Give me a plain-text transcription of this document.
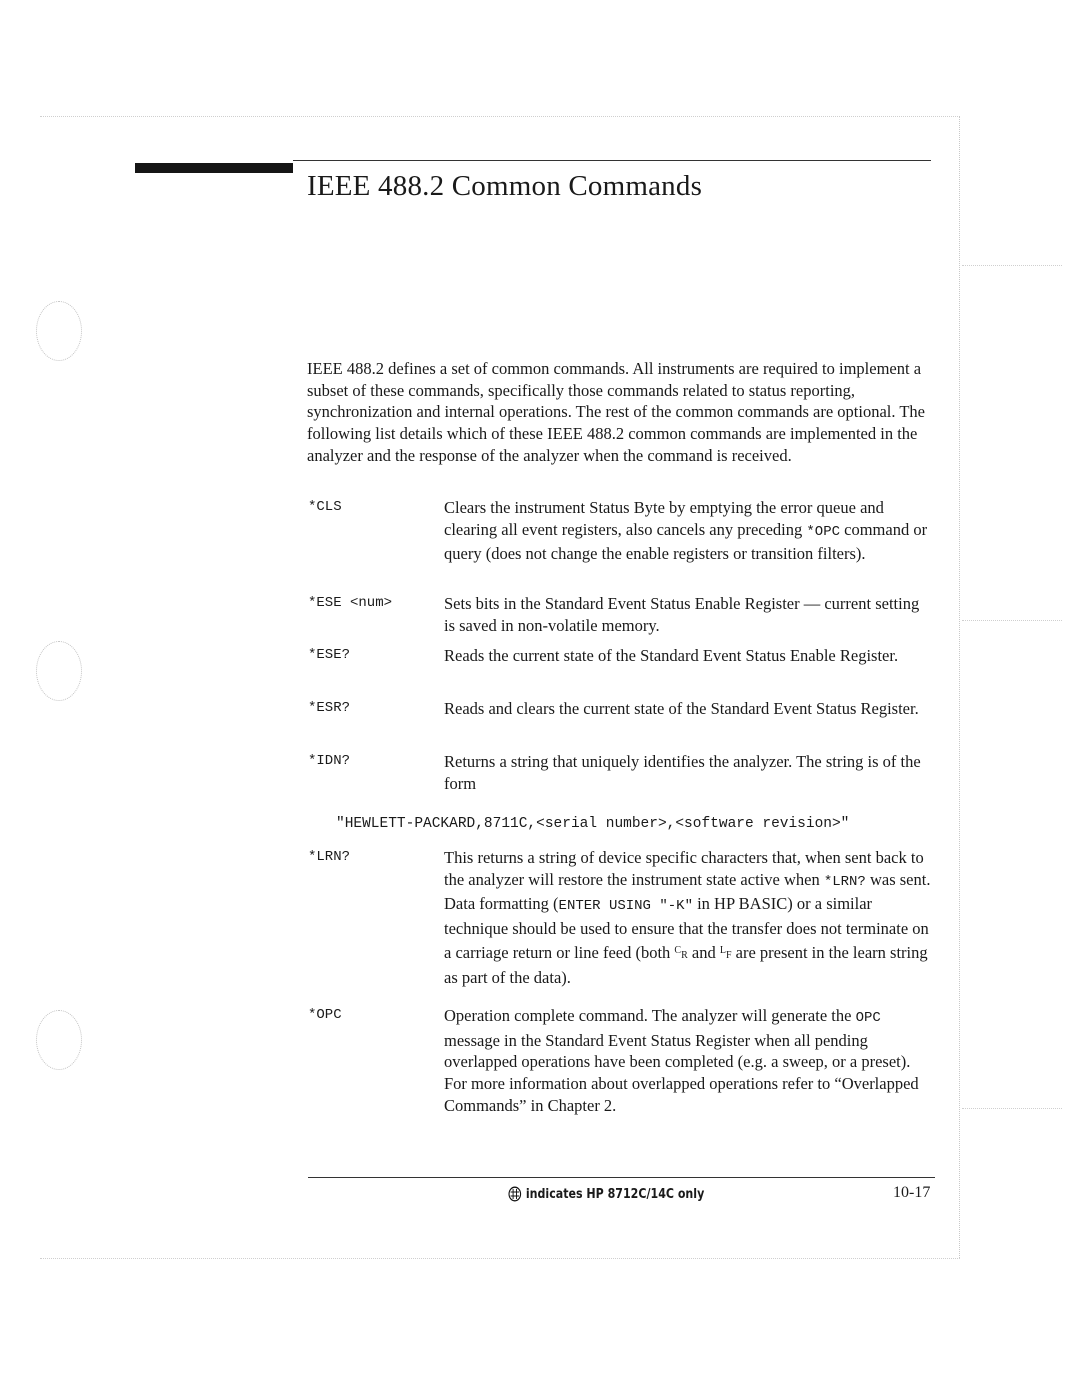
IEEE 488.2 Common Commands

IEEE 488.2 defines a set of common commands. All instruments are required to implement a subset of these commands, specifically those commands related to status reporting, synchronization and internal operations. The rest of the common commands are optional. The following list details which of these IEEE 488.2 common commands are implemented in the analyzer and the response of the analyzer when the command is received.

*CLS	Clears the instrument Status Byte by emptying the error queue and clearing all event registers, also cancels any preceding *OPC command or query (does not change the enable registers or transition filters).

*ESE <num>	Sets bits in the Standard Event Status Enable Register — current setting is saved in non-volatile memory.

*ESE?	Reads the current state of the Standard Event Status Enable Register.

*ESR?	Reads and clears the current state of the Standard Event Status Register.

*IDN?	Returns a string that uniquely identifies the analyzer. The string is of the form

"HEWLETT-PACKARD,8711C,<serial number>,<software revision>"
*LRN?	This returns a string of device specific characters that, when sent back to the analyzer will restore the instrument state active when *LRN? was sent. Data formatting (ENTER USING "-K" in HP BASIC) or a similar technique should be used to ensure that the transfer does not terminate on a carriage return or line feed (both $^C$R and $^L$F are present in the learn string as part of the data).

*OPC	Operation complete command. The analyzer will generate the OPC message in the Standard Event Status Register when all pending overlapped operations have been completed (e.g. a sweep, or a preset). For more information about overlapped operations refer to “Overlapped Commands” in Chapter 2.

indicates HP 8712C/14C only	10-17
